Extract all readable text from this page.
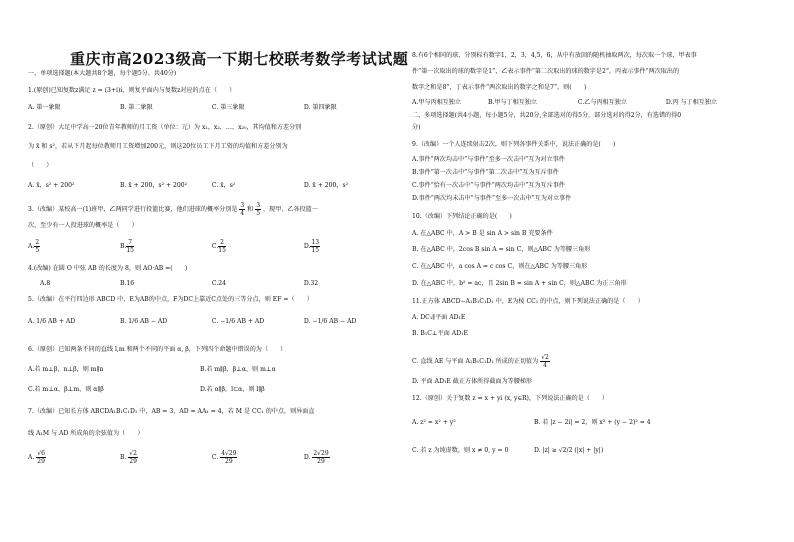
重庆市高2023级高一下期七校联考数学考试试题
一、单项选择题(本大题共8个题，每个题5分，共40分)
1.(原创)已知复数z满足 z = (3+i)i，则复平面内与复数z对应的点在（　　）
A. 第一象限	B. 第二象限	C. 第三象限	D. 第四象限
2.（原创）大足中学高一20位青年教师的月工资（单位：元）为 x₁，x₂，…，x₂₀，其均值和方差分别
为 x̄ 和 s²，若从下月起每位教师月工资增加200元，则这20位员工下月工资的均值和方差分别为
（　　）
A. x̄，s² + 200²	B. x̄ + 200，s² + 200²	C. x̄，s²	D. x̄ + 200，s²
3.（改编）某校高一(1)班甲、乙两同学进行投篮比赛，他们进球的概率分别是 $\frac{3}{4}$ 和 $\frac{3}{5}$ ，现甲、乙各投篮一
次，至少有一人投进球的概率是（　　）
A. $\frac{2}{5}$	B. $\frac{7}{15}$	C. $\frac{2}{15}$	D. $\frac{13}{15}$
4.(改编) 在圆 O 中弦 AB 的长度为 8，则 AO·AB =(　　)
A.8	B.16	C.24	D.32
5.（改编）在平行四边形 ABCD 中，E为AB的中点，F为DC上靠近C点处的三等分点，则 EF =（　　）
A. 1/6 AB + AD	B. 1/6 AB − AD	C. −1/6 AB + AD	D. −1/6 AB − AD
6.（原创）已知两条不同的直线 l,m 和两个不同的平面 α, β，下列四个命题中错误的为（　　）
A.若 m⊥β，n⊥β，则 m∥n	B.若 m∥β，β⊥α，则 m⊥α
C.若 m⊥α，β⊥m，则 α∥β	D.若 α∥β，l⊂α，则 l∥β
7.（改编）已知长方体 ABCDA₁B₁C₁D₁ 中，AB = 3，AD = AA₁ = 4，若 M 是 CC₁ 的中点，则异面直
线 A₁M 与 AD 所成角的余弦值为（　　）
A. $\frac{√6}{29}$	B. $\frac{√2}{29}$	C. $\frac{4√29}{29}$	D. $\frac{2√29}{29}$
8.有6个相同的球，分别标有数字1，2，3，4,5，6，从中有放回的随机抽取两次，每次取一个球，甲表事
件“第一次取出的球的数字是1”，乙表示事件“第二次取出的球的数字是2”，丙表示事件“两次取出的
数字之和是8”，丁表示事件“两次取出的数字之和是7”，则(　　)
A.甲与丙相互独立	B.甲与丁相互独立	C.乙与丙相互独立	D.丙 与丁相互独立
二、多项选择题(共4小题，每小题5分，共20分,全部选对的得5分，部分选对的得2分，有选错的得0
分)
9.（改编）一个人连续射击2次，则下列各事件关系中，说法正确的是(　　)
A.事件“两次均击中”与事件“至多一次击中”互为对立事件
B.事件“第一次击中”与事件“第二次击中”互为互斥事件
C.事件“恰有一次击中”与事件“两次均击中”互为互斥事件
D.事件“两次均未击中”与事件“至多一次击中”互为对立事件
10.（改编）下列结论正确的是(　　)
A. 在△ABC 中，A > B 是 sin A > sin B 充要条件
B. 在△ABC 中，2cos B sin A = sin C，则△ABC 为等腰三角形
C. 在△ABC 中，a cos A = c cos C，则在△ABC 为等腰三角形
D. 在△ABC 中，b² = ac，且 2sin B = sin A + sin C，则△ABC 为正三角形
11.正方体 ABCD−A₁B₁C₁D₁ 中，E为棱 CC₁ 的中点，则下列说法正确的是（　　）
A. DC₁∥平面 AD₁E
B. B₁C⊥平面 AD₁E
C. 直线 AE 与平面 A₁B₁C₁D₁ 所成的正切值为 $\frac{√2}{4}$
D. 平面 AD₁E 截正方体所得截面为等腰梯形
12.（原创）关于复数 z = x + yi (x, y∈R)，下列说法正确的是（　　）
A. z² = x² + y²	B. 若 |z − 2i| = 2，则 x² + (y − 2)² = 4
C. 若 z 为纯虚数，则 x ≠ 0, y = 0	D. |z| ≥ √2/2 (|x| + |y|)
